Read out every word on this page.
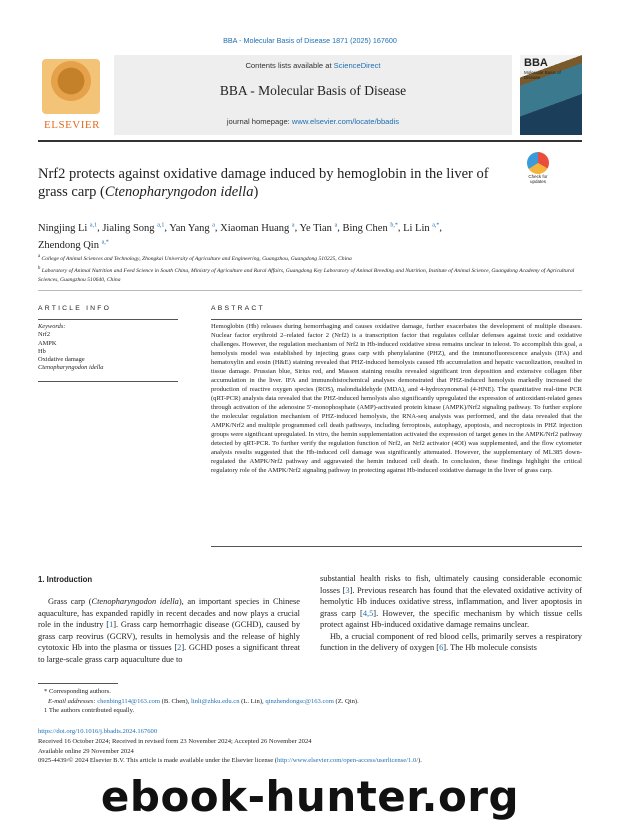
BBA - Molecular Basis of Disease 1871 (2025) 167600
ELSEVIER
Contents lists available at ScienceDirect
BBA - Molecular Basis of Disease
journal homepage: www.elsevier.com/locate/bbadis
BBA
Molecular Basis of Disease
Nrf2 protects against oxidative damage induced by hemoglobin in the liver of grass carp (Ctenopharyngodon idella)
Check for updates
Ningjing Li $^{a,1}$, Jialing Song $^{a,1}$, Yan Yang $^a$, Xiaoman Huang $^a$, Ye Tian $^a$, Bing Chen $^{b,*}$, Li Lin $^{a,*}$,
Zhendong Qin $^{a,*}$
$^a$ College of Animal Sciences and Technology, Zhongkai University of Agriculture and Engineering, Guangzhou, Guangdong 510225, China
$^b$ Laboratory of Animal Nutrition and Feed Science in South China, Ministry of Agriculture and Rural Affairs, Guangdong Key Laboratory of Animal Breeding and Nutrition, Institute of Animal Science, Guangdong Academy of Agricultural Sciences, Guangzhou 510640, China
ARTICLE INFO	ABSTRACT
Keywords:
Nrf2
AMPK
Hb
Oxidative damage
Ctenopharyngodon idella
Hemoglobin (Hb) releases during hemorrhaging and causes oxidative damage, further exacerbates the development of multiple diseases. Nuclear factor erythroid 2–related factor 2 (Nrf2) is a transcription factor that regulates cellular defenses against toxic and oxidative challenges. However, the regulation mechanism of Nrf2 in Hb-induced oxidative stress remains unclear in teleost. To accomplish this goal, a hemolysis model was established by injecting grass carp with phenylalanine (PHZ), and the immunofluorescence analysis (IFA) and hematoxylin and eosin (H&E) staining revealed that PHZ-induced hemolysis caused Hb accumulation and hepatic vacuolization, resulted in tissue damage. Prussian blue, Sirius red, and Masson staining results revealed significant iron deposition and extensive collagen fiber accumulation in the liver. IFA and immunohistochemical analyses demonstrated that PHZ-induced hemolysis markedly increased the production of reactive oxygen species (ROS), malondialdehyde (MDA), and 4-hydroxynonenal (4-HNE). The quantitative real-time PCR (qRT-PCR) analysis data revealed that the PHZ-induced hemolysis also significantly upregulated the expression of antioxidant-related genes through activation of the adenosine 5′-monophosphate (AMP)-activated protein kinase (AMPK)/Nrf2 signaling pathway. To further explore the molecular regulation mechanism of PHZ-induced hemolysis, the RNA-seq analysis was performed, and the data revealed that the AMPK/Nrf2 and multiple programmed cell death pathways, including ferroptosis, autophagy, apoptosis, and necroptosis in PHZ injection groups were significant upregulated. In vitro, the hemin supplementation activated the expression of target genes in the AMPK/Nrf2 pathway detected by qRT-PCR. To further verify the regulation function of Nrf2, an Nrf2 activator (4OI) was supplemented, and the flow cytometer analysis results suggested that the Hb-induced cell damage was significantly attenuated. However, the supplementary of ML385 down-regulated the AMPK/Nrf2 pathway and aggravated the hemin induced cell death. In conclusion, these findings highlight the critical regulatory role of the AMPK/Nrf2 signaling pathway in protecting against Hb-induced oxidative damage in the liver of grass carp.
1. Introduction
Grass carp (Ctenopharyngodon idella), an important species in Chinese aquaculture, has expanded rapidly in recent decades and now plays a crucial role in the industry [1]. Grass carp hemorrhagic disease (GCHD), caused by grass carp reovirus (GCRV), results in hemolysis and the release of highly cytotoxic Hb into the plasma or tissues [2]. GCHD poses a significant threat to large-scale grass carp aquaculture due to
substantial health risks to fish, ultimately causing considerable economic losses [3]. Previous research has found that the elevated oxidative activity of hemolytic Hb induces oxidative stress, inflammation, and liver apoptosis in grass carp [4,5]. However, the specific mechanism by which tissue cells protect against Hb-induced oxidative damage remains unclear.
Hb, a crucial component of red blood cells, primarily serves a respiratory function in the delivery of oxygen [6]. The Hb molecule consists
* Corresponding authors.
E-mail addresses: chenbing114@163.com (B. Chen), linli@zhku.edu.cn (L. Lin), qinzhendongsc@163.com (Z. Qin).
1 The authors contributed equally.
https://doi.org/10.1016/j.bbadis.2024.167600
Received 16 October 2024; Received in revised form 23 November 2024; Accepted 26 November 2024
Available online 29 November 2024
0925-4439/© 2024 Elsevier B.V. This article is made available under the Elsevier license (http://www.elsevier.com/open-access/userlicense/1.0/).
ebook-hunter.org
